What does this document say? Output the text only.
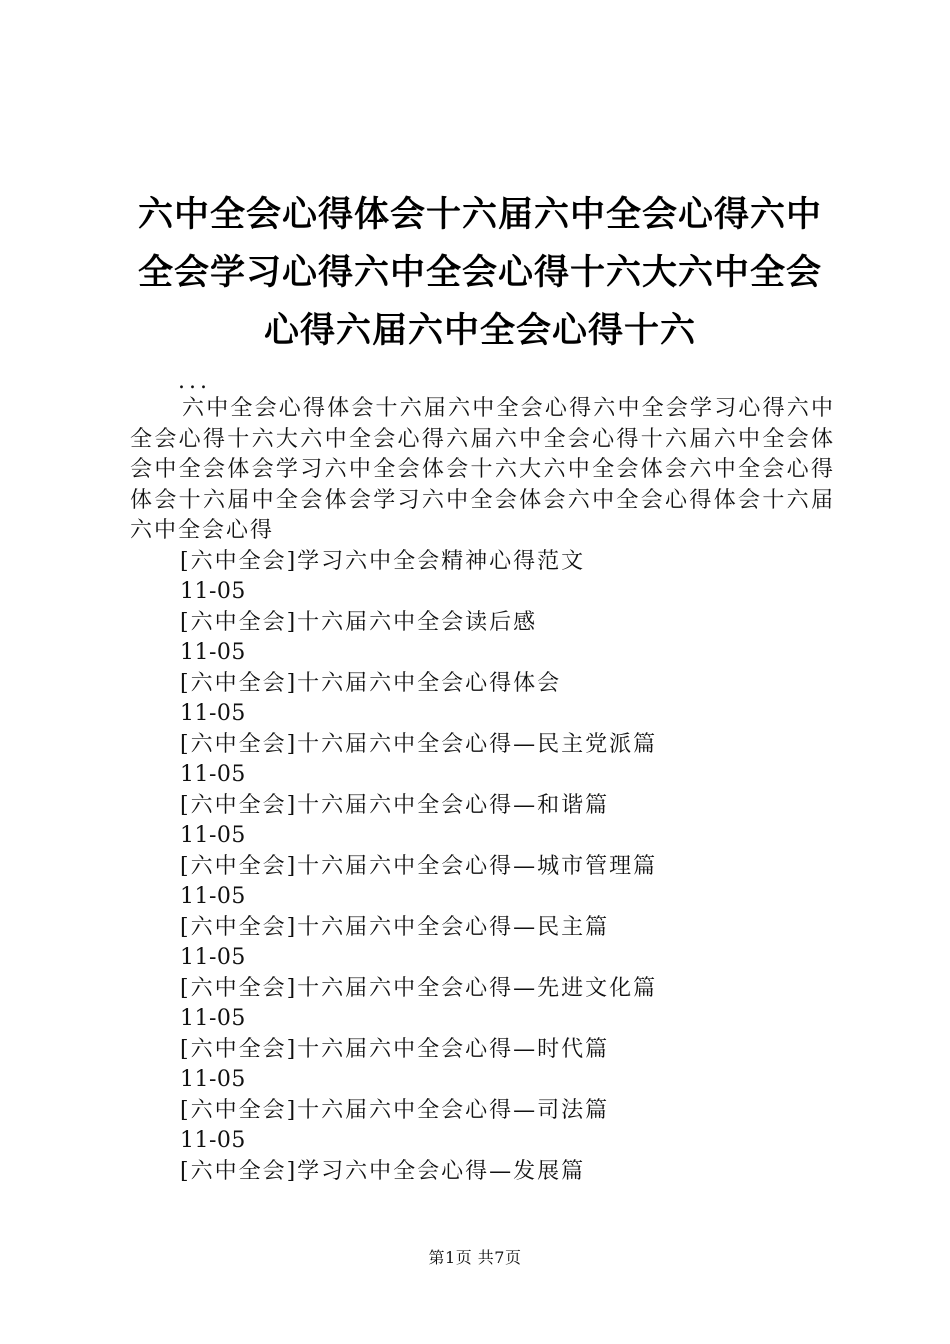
六中全会心得体会十六届六中全会心得六中全会学习心得六中全会心得十六大六中全会心得六届六中全会心得十六
...

六中全会心得体会十六届六中全会心得六中全会学习心得六中全会心得十六大六中全会心得六届六中全会心得十六届六中全会体会中全会体会学习六中全会体会十六大六中全会体会六中全会心得体会十六届中全会体会学习六中全会体会六中全会心得体会十六届六中全会心得

[六中全会]学习六中全会精神心得范文
11-05
[六中全会]十六届六中全会读后感
11-05
[六中全会]十六届六中全会心得体会
11-05
[六中全会]十六届六中全会心得—民主党派篇
11-05
[六中全会]十六届六中全会心得—和谐篇
11-05
[六中全会]十六届六中全会心得—城市管理篇
11-05
[六中全会]十六届六中全会心得—民主篇
11-05
[六中全会]十六届六中全会心得—先进文化篇
11-05
[六中全会]十六届六中全会心得—时代篇
11-05
[六中全会]十六届六中全会心得—司法篇
11-05
[六中全会]学习六中全会心得—发展篇
第1页 共7页
